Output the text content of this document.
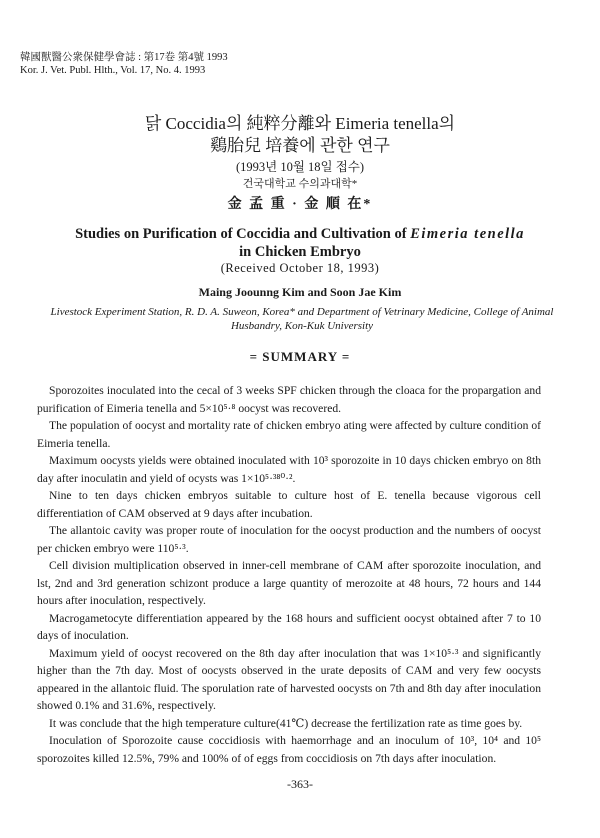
韓國獸醫公衆保健學會誌 : 第17卷 第4號 1993
Kor. J. Vet. Publ. Hlth., Vol. 17, No. 4. 1993
닭 Coccidia의 純粹分離와 Eimeria tenella의
鷄胎兒 培養에 관한 연구
(1993년 10월 18일 접수)
건국대학교 수의과대학*
金 孟 重 · 金 順 在*
Studies on Purification of Coccidia and Cultivation of Eimeria tenella
in Chicken Embryo
(Received October 18, 1993)
Maing Joounng Kim and Soon Jae Kim
Livestock Experiment Station, R. D. A. Suweon, Korea* and Department of Vetrinary Medicine, College of Animal Husbandry, Kon-Kuk University
= SUMMARY =

Sporozoites inoculated into the cecal of 3 weeks SPF chicken through the cloaca for the propargation and purification of Eimeria tenella and 5×10⁵·⁸ oocyst was recovered.

The population of oocyst and mortality rate of chicken embryo ating were affected by culture condition of Eimeria tenella.

Maximum oocysts yields were obtained inoculated with 10³ sporozoite in 10 days chicken embryo on 8th day after inoculatin and yield of ocysts was 1×10⁵·³⁸⁰·².

Nine to ten days chicken embryos suitable to culture host of E. tenella because vigorous cell differentiation of CAM observed at 9 days after incubation.

The allantoic cavity was proper route of inoculation for the oocyst production and the numbers of oocyst per chicken embryo were 110⁵·³.

Cell division multiplication observed in inner-cell membrane of CAM after sporozoite inoculation, and lst, 2nd and 3rd generation schizont produce a large quantity of merozoite at 48 hours, 72 hours and 144 hours after inoculation, respectively.

Macrogametocyte differentiation appeared by the 168 hours and sufficient oocyst obtained after 7 to 10 days of inoculation.

Maximum yield of oocyst recovered on the 8th day after inoculation that was 1×10⁵·³ and significantly higher than the 7th day. Most of oocysts observed in the urate deposits of CAM and very few oocysts appeared in the allantoic fluid. The sporulation rate of harvested oocysts on 7th and 8th day after inoculation showed 0.1% and 31.6%, respectively.

It was conclude that the high temperature culture(41℃) decrease the fertilization rate as time goes by.

Inoculation of Sporozoite cause coccidiosis with haemorrhage and an inoculum of 10³, 10⁴ and 10⁵ sporozoites killed 12.5%, 79% and 100% of of eggs from coccidiosis on 7th days after inoculation.

-363-
